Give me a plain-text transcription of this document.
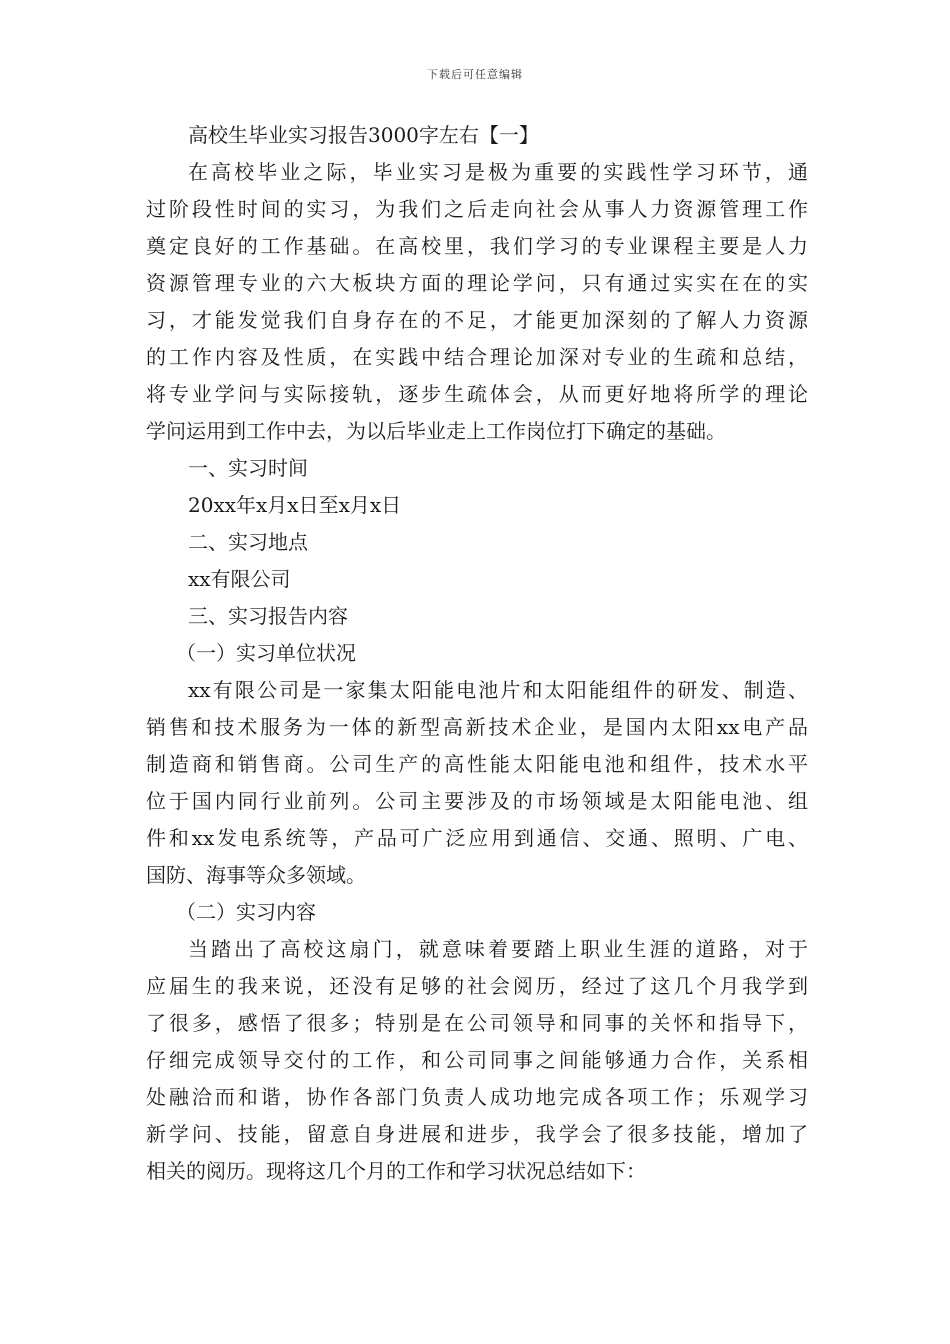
下载后可任意编辑
高校生毕业实习报告3000字左右【一】
在高校毕业之际，毕业实习是极为重要的实践性学习环节，通
过阶段性时间的实习，为我们之后走向社会从事人力资源管理工作
奠定良好的工作基础。在高校里，我们学习的专业课程主要是人力
资源管理专业的六大板块方面的理论学问，只有通过实实在在的实
习，才能发觉我们自身存在的不足，才能更加深刻的了解人力资源
的工作内容及性质，在实践中结合理论加深对专业的生疏和总结，
将专业学问与实际接轨，逐步生疏体会，从而更好地将所学的理论
学问运用到工作中去，为以后毕业走上工作岗位打下确定的基础。
一、实习时间
20xx年x月x日至x月x日
二、实习地点
xx有限公司
三、实习报告内容
（一）实习单位状况
xx有限公司是一家集太阳能电池片和太阳能组件的研发、制造、
销售和技术服务为一体的新型高新技术企业，是国内太阳xx电产品
制造商和销售商。公司生产的高性能太阳能电池和组件，技术水平
位于国内同行业前列。公司主要涉及的市场领域是太阳能电池、组
件和xx发电系统等，产品可广泛应用到通信、交通、照明、广电、
国防、海事等众多领域。
（二）实习内容
当踏出了高校这扇门，就意味着要踏上职业生涯的道路，对于
应届生的我来说，还没有足够的社会阅历，经过了这几个月我学到
了很多，感悟了很多；特别是在公司领导和同事的关怀和指导下，
仔细完成领导交付的工作，和公司同事之间能够通力合作，关系相
处融洽而和谐，协作各部门负责人成功地完成各项工作；乐观学习
新学问、技能，留意自身进展和进步，我学会了很多技能，增加了
相关的阅历。现将这几个月的工作和学习状况总结如下：
